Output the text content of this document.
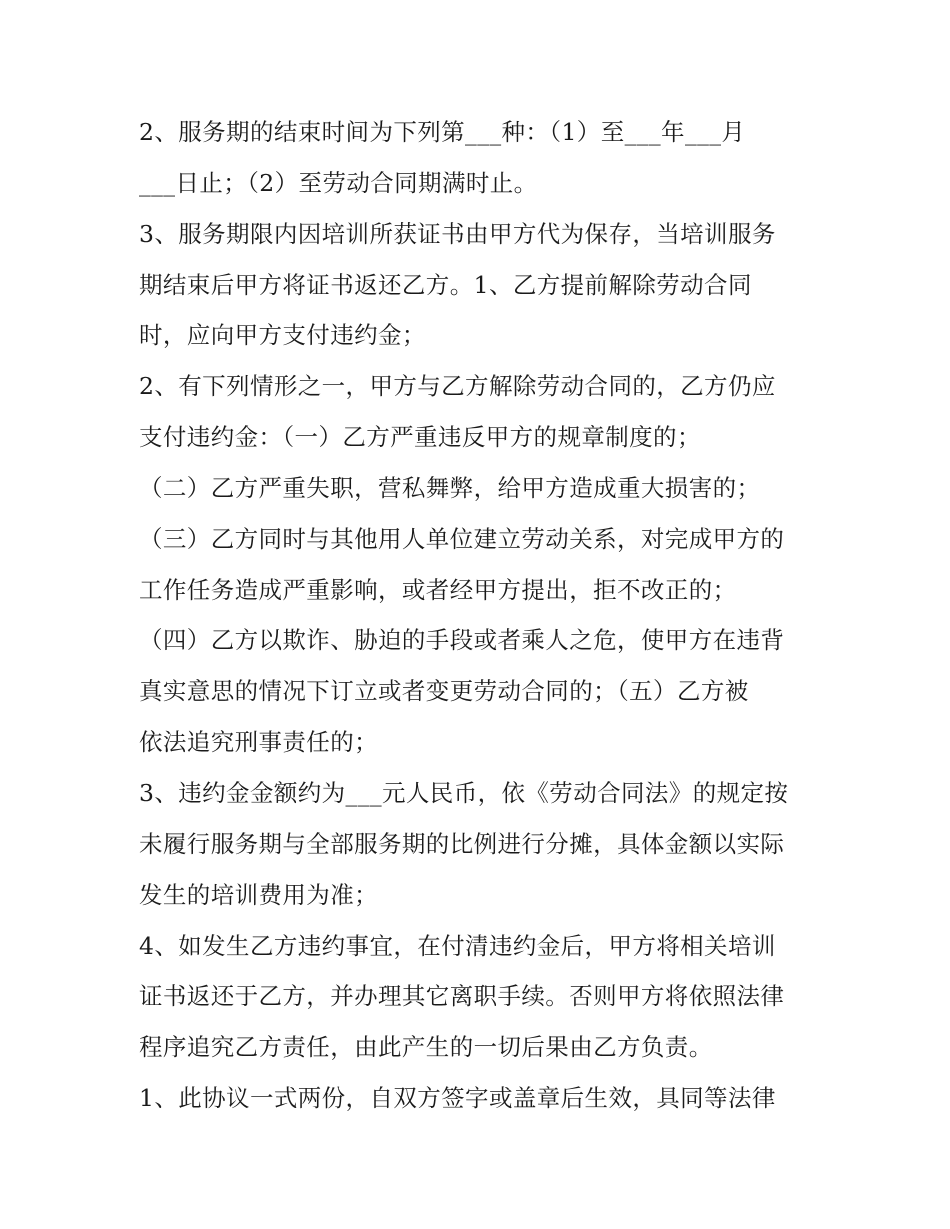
2、服务期的结束时间为下列第___种：（1）至___年___月
___日止；（2）至劳动合同期满时止。
3、服务期限内因培训所获证书由甲方代为保存，当培训服务
期结束后甲方将证书返还乙方。1、乙方提前解除劳动合同
时，应向甲方支付违约金；
2、有下列情形之一，甲方与乙方解除劳动合同的，乙方仍应
支付违约金：（一）乙方严重违反甲方的规章制度的；
（二）乙方严重失职，营私舞弊，给甲方造成重大损害的；
（三）乙方同时与其他用人单位建立劳动关系，对完成甲方的
工作任务造成严重影响，或者经甲方提出，拒不改正的；
（四）乙方以欺诈、胁迫的手段或者乘人之危，使甲方在违背
真实意思的情况下订立或者变更劳动合同的；（五）乙方被
依法追究刑事责任的；
3、违约金金额约为___元人民币，依《劳动合同法》的规定按
未履行服务期与全部服务期的比例进行分摊，具体金额以实际
发生的培训费用为准；
4、如发生乙方违约事宜，在付清违约金后，甲方将相关培训
证书返还于乙方，并办理其它离职手续。否则甲方将依照法律
程序追究乙方责任，由此产生的一切后果由乙方负责。
1、此协议一式两份，自双方签字或盖章后生效，具同等法律
